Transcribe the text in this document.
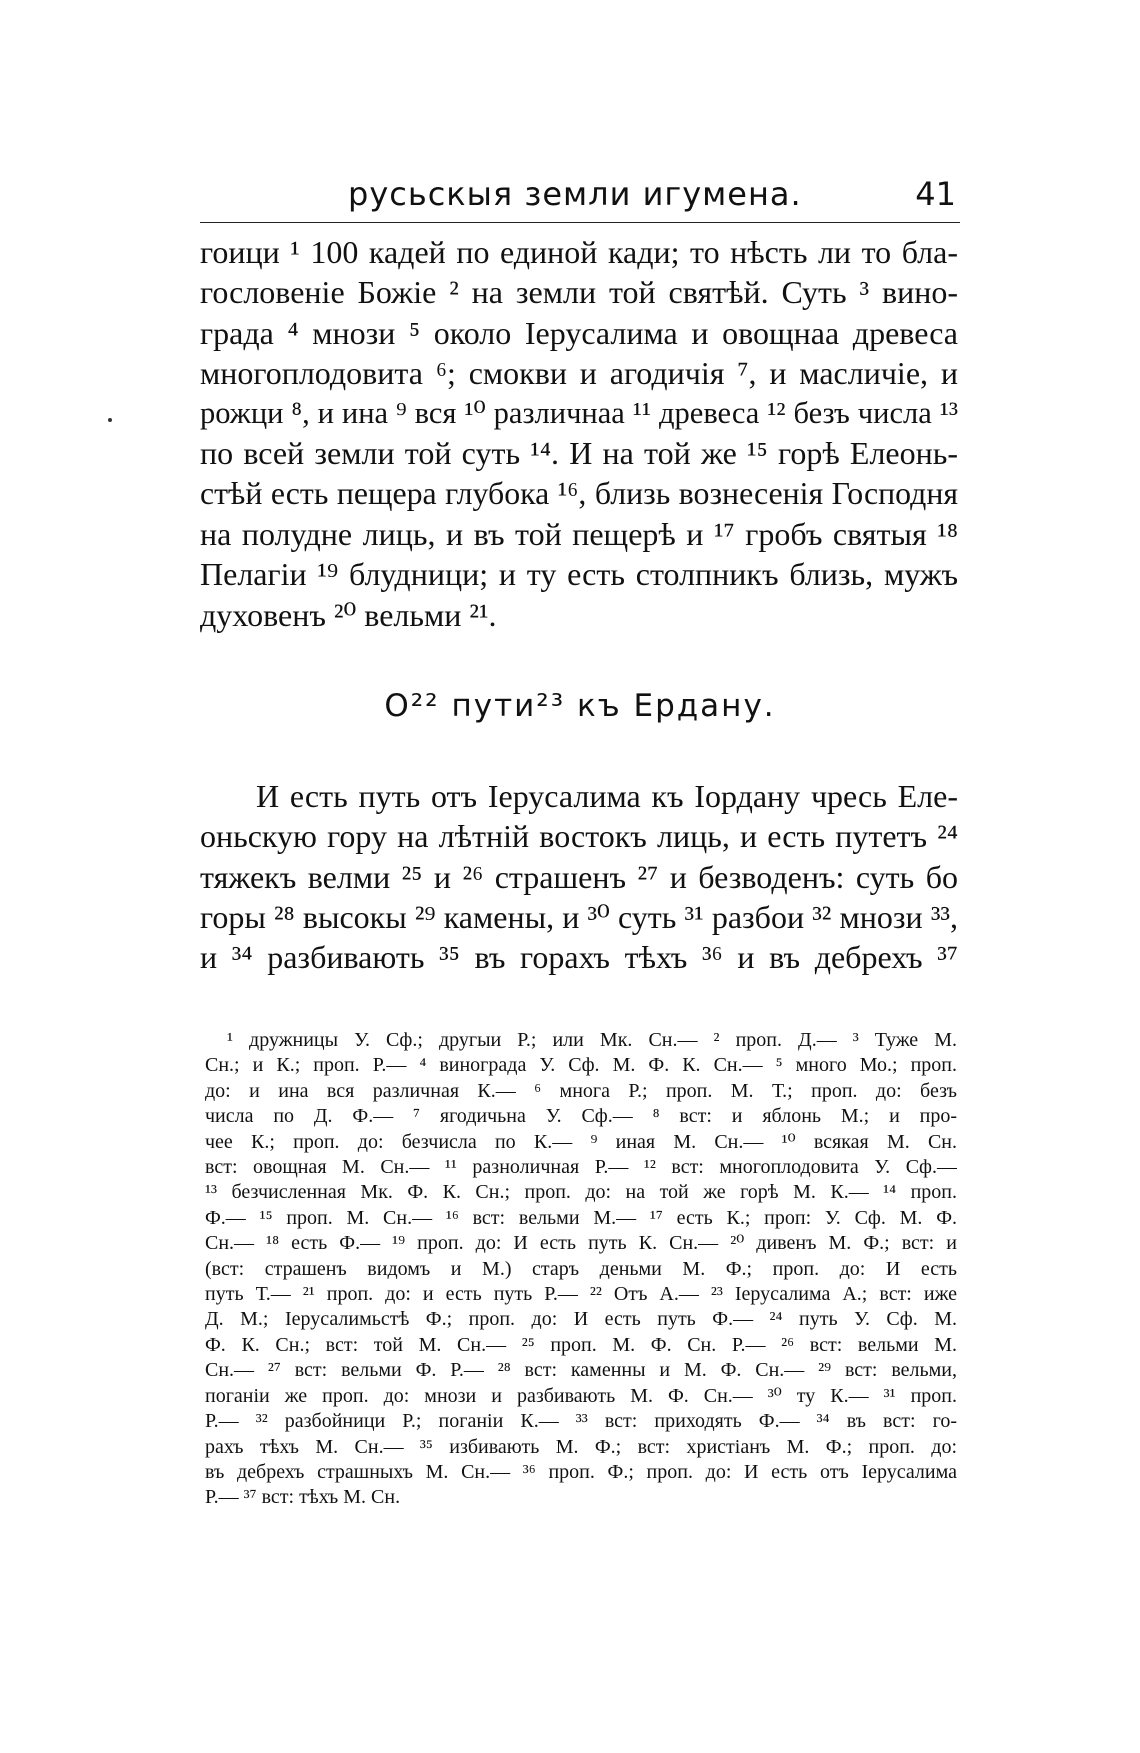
русьскыя земли игумена.	41
гоици ¹ 100 кадей по единой кади; то нѣсть ли то бла-
гословеніе Божіе ² на земли той святѣй. Суть ³ вино-
града ⁴ мнози ⁵ около Іерусалима и овощнаа древеса
многоплодовита ⁶; смокви и агодичія ⁷, и масличіе, и
рожци ⁸, и ина ⁹ вся ¹⁰ различнаа ¹¹ древеса ¹² безъ числа ¹³
по всей земли той суть ¹⁴. И на той же ¹⁵ горѣ Елеонь-
стѣй есть пещера глубока ¹⁶, близь вознесенія Господня
на полудне лиць, и въ той пещерѣ и ¹⁷ гробъ святыя ¹⁸
Пелагіи ¹⁹ блудници; и ту есть столпникъ близь, мужъ
духовенъ ²⁰ вельми ²¹.
О²² пути²³ къ Ердану.
И есть путь отъ Іерусалима къ Іордану чресь Еле-
оньскую гору на лѣтній востокъ лиць, и есть путетъ ²⁴
тяжекъ велми ²⁵ и ²⁶ страшенъ ²⁷ и безводенъ: суть бо
горы ²⁸ высокы ²⁹ камены, и ³⁰ суть ³¹ разбои ³² мнози ³³,
и ³⁴ разбивають ³⁵ въ горахъ тѣхъ ³⁶ и въ дебрехъ ³⁷
¹ дружницы У. Сф.; другыи Р.; или Мк. Сн.— ² проп. Д.— ³ Туже М.
Сн.; и К.; проп. Р.— ⁴ винограда У. Сф. М. Ф. К. Сн.— ⁵ много Мо.; проп.
до: и ина вся различная К.— ⁶ многа Р.; проп. М. Т.; проп. до: безъ
числа по Д. Ф.— ⁷ ягодичьна У. Сф.— ⁸ вст: и яблонь М.; и про-
чее К.; проп. до: безчисла по К.— ⁹ иная М. Сн.— ¹⁰ всякая М. Сн.
вст: овощная М. Сн.— ¹¹ разноличная Р.— ¹² вст: многоплодовита У. Сф.—
¹³ безчисленная Мк. Ф. К. Сн.; проп. до: на той же горѣ М. К.— ¹⁴ проп.
Ф.— ¹⁵ проп. М. Сн.— ¹⁶ вст: вельми М.— ¹⁷ есть К.; проп: У. Сф. М. Ф.
Сн.— ¹⁸ есть Ф.— ¹⁹ проп. до: И есть путь К. Сн.— ²⁰ дивенъ М. Ф.; вст: и
(вст: страшенъ видомъ и М.) старъ деньми М. Ф.; проп. до: И есть
путь Т.— ²¹ проп. до: и есть путь Р.— ²² Отъ А.— ²³ Іерусалима А.; вст: иже
Д. М.; Іерусалимьстѣ Ф.; проп. до: И есть путь Ф.— ²⁴ путь У. Сф. М.
Ф. К. Сн.; вст: той М. Сн.— ²⁵ проп. М. Ф. Сн. Р.— ²⁶ вст: вельми М.
Сн.— ²⁷ вст: вельми Ф. Р.— ²⁸ вст: каменны и М. Ф. Сн.— ²⁹ вст: вельми,
поганіи же проп. до: мнози и разбивають М. Ф. Сн.— ³⁰ ту К.— ³¹ проп.
Р.— ³² разбойници Р.; поганіи К.— ³³ вст: приходять Ф.— ³⁴ въ вст: го-
рахъ тѣхъ М. Сн.— ³⁵ избивають М. Ф.; вст: христіанъ М. Ф.; проп. до:
въ дебрехъ страшныхъ М. Сн.— ³⁶ проп. Ф.; проп. до: И есть отъ Іерусалима
Р.— ³⁷ вст: тѣхъ М. Сн.
